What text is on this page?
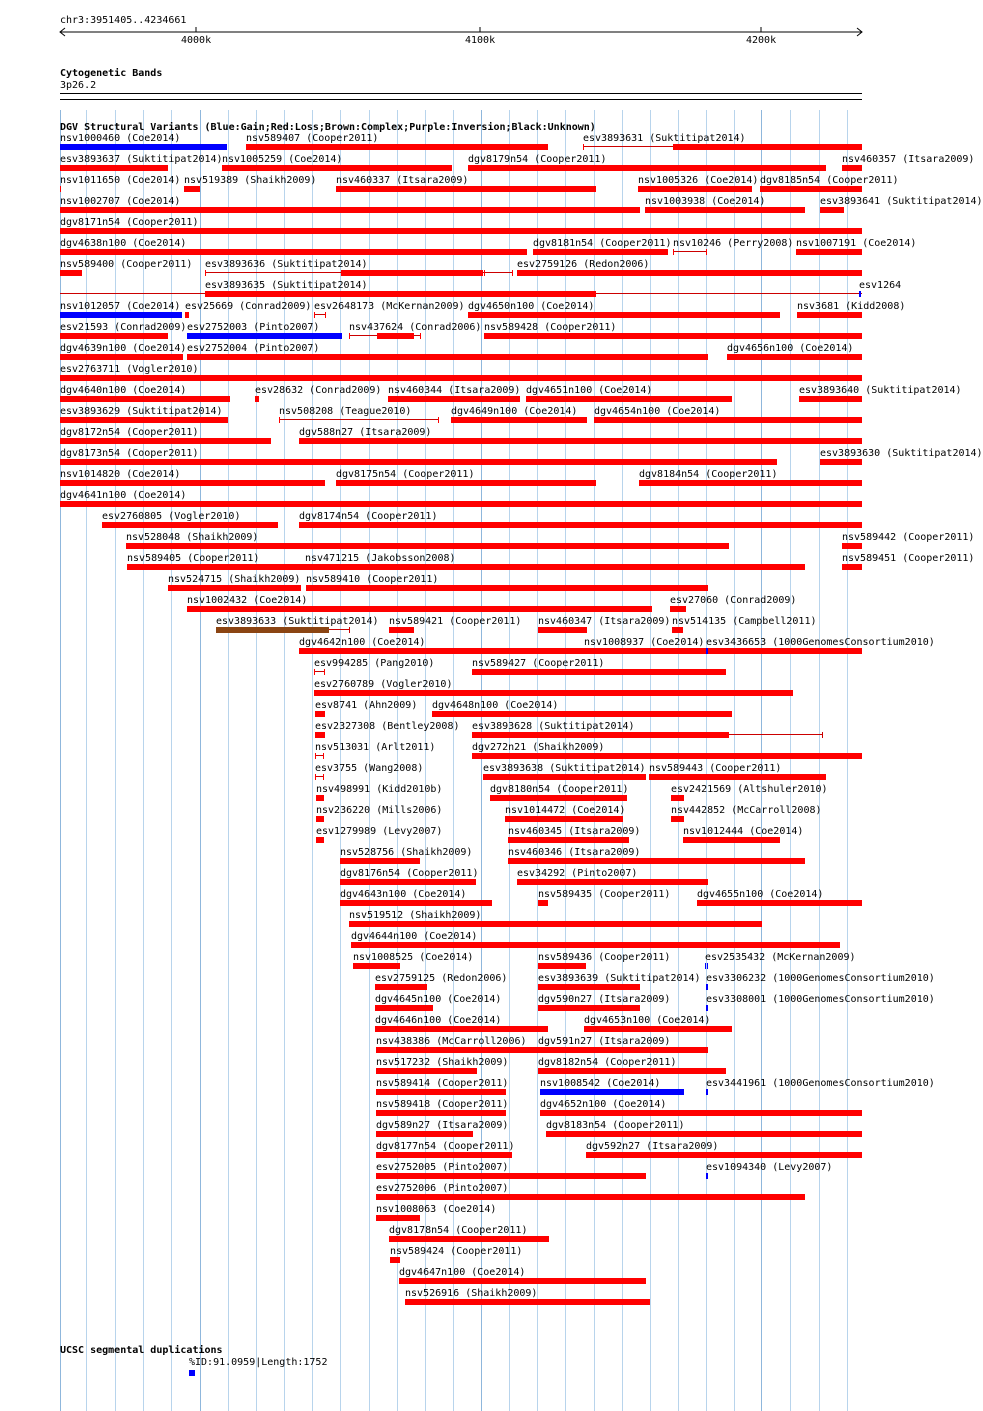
chr3:3951405..4234661
4000k	4100k	4200k
Cytogenetic Bands
3p26.2
DGV Structural Variants (Blue:Gain;Red:Loss;Brown:Complex;Purple:Inversion;Black:Unknown)
nsv1000460 (Coe2014)	nsv589407 (Cooper2011)	esv3893631 (Suktitipat2014)
esv3893637 (Suktitipat2014) nsv1005259 (Coe2014)	dgv8179n54 (Cooper2011)	nsv460357 (Itsara2009)
nsv1011650 (Coe2014) nsv519389 (Shaikh2009) nsv460337 (Itsara2009)	nsv1005326 (Coe2014) dgv8185n54 (Cooper2011)
nsv1002707 (Coe2014)	nsv1003938 (Coe2014)	esv3893641 (Suktitipat2014)
dgv8171n54 (Cooper2011)
dgv4638n100 (Coe2014)	dgv8181n54 (Cooper2011) nsv10246 (Perry2008) nsv1007191 (Coe2014)
nsv589400 (Cooper2011) esv3893636 (Suktitipat2014)	esv2759126 (Redon2006)
esv3893635 (Suktitipat2014)	esv1264
nsv1012057 (Coe2014) esv25669 (Conrad2009) esv2648173 (McKernan2009) dgv4650n100 (Coe2014)	nsv3681 (Kidd2008)
esv21593 (Conrad2009) esv2752003 (Pinto2007)	nsv437624 (Conrad2006) nsv589428 (Cooper2011)
dgv4639n100 (Coe2014) esv2752004 (Pinto2007)	dgv4656n100 (Coe2014)
esv2763711 (Vogler2010)
dgv4640n100 (Coe2014)	esv28632 (Conrad2009) nsv460344 (Itsara2009) dgv4651n100 (Coe2014)	esv3893640 (Suktitipat2014)
esv3893629 (Suktitipat2014)	nsv508208 (Teague2010)	dgv4649n100 (Coe2014) dgv4654n100 (Coe2014)
dgv8172n54 (Cooper2011)	dgv588n27 (Itsara2009)
dgv8173n54 (Cooper2011)	esv3893630 (Suktitipat2014)
nsv1014820 (Coe2014)	dgv8175n54 (Cooper2011)	dgv8184n54 (Cooper2011)
dgv4641n100 (Coe2014)
esv2760805 (Vogler2010)	dgv8174n54 (Cooper2011)
nsv528048 (Shaikh2009)	nsv589442 (Cooper2011)
nsv589405 (Cooper2011)	nsv471215 (Jakobsson2008)	nsv589451 (Cooper2011)
nsv524715 (Shaikh2009) nsv589410 (Cooper2011)
nsv1002432 (Coe2014)	esv27060 (Conrad2009)
esv3893633 (Suktitipat2014) nsv589421 (Cooper2011) nsv460347 (Itsara2009) nsv514135 (Campbell2011)
dgv4642n100 (Coe2014)	nsv1008937 (Coe2014) esv3436653 (1000GenomesConsortium2010)
esv994285 (Pang2010)	nsv589427 (Cooper2011)
esv2760789 (Vogler2010)
esv8741 (Ahn2009) dgv4648n100 (Coe2014)
esv2327308 (Bentley2008) esv3893628 (Suktitipat2014)
nsv513031 (Arlt2011)	dgv272n21 (Shaikh2009)
esv3755 (Wang2008)	esv3893638 (Suktitipat2014) nsv589443 (Cooper2011)
nsv498991 (Kidd2010b)	dgv8180n54 (Cooper2011)	esv2421569 (Altshuler2010)
nsv236220 (Mills2006)	nsv1014472 (Coe2014)	nsv442852 (McCarroll2008)
esv1279989 (Levy2007)	nsv460345 (Itsara2009)	nsv1012444 (Coe2014)
nsv528756 (Shaikh2009)	nsv460346 (Itsara2009)
dgv8176n54 (Cooper2011)	esv34292 (Pinto2007)
dgv4643n100 (Coe2014)	nsv589435 (Cooper2011)	dgv4655n100 (Coe2014)
nsv519512 (Shaikh2009)
dgv4644n100 (Coe2014)
nsv1008525 (Coe2014)	nsv589436 (Cooper2011)	esv2535432 (McKernan2009)
esv2759125 (Redon2006)	esv3893639 (Suktitipat2014) esv3306232 (1000GenomesConsortium2010)
dgv4645n100 (Coe2014)	dgv590n27 (Itsara2009)	esv3308001 (1000GenomesConsortium2010)
dgv4646n100 (Coe2014)	dgv4653n100 (Coe2014)
nsv438386 (McCarroll2006) dgv591n27 (Itsara2009)
nsv517232 (Shaikh2009)	dgv8182n54 (Cooper2011)
nsv589414 (Cooper2011)	nsv1008542 (Coe2014)	esv3441961 (1000GenomesConsortium2010)
nsv589418 (Cooper2011)	dgv4652n100 (Coe2014)
dgv589n27 (Itsara2009)	dgv8183n54 (Cooper2011)
dgv8177n54 (Cooper2011)	dgv592n27 (Itsara2009)
esv2752005 (Pinto2007)	esv1094340 (Levy2007)
esv2752006 (Pinto2007)
nsv1008063 (Coe2014)
dgv8178n54 (Cooper2011)
nsv589424 (Cooper2011)
dgv4647n100 (Coe2014)
nsv526916 (Shaikh2009)
UCSC segmental duplications
%ID:91.0959|Length:1752
